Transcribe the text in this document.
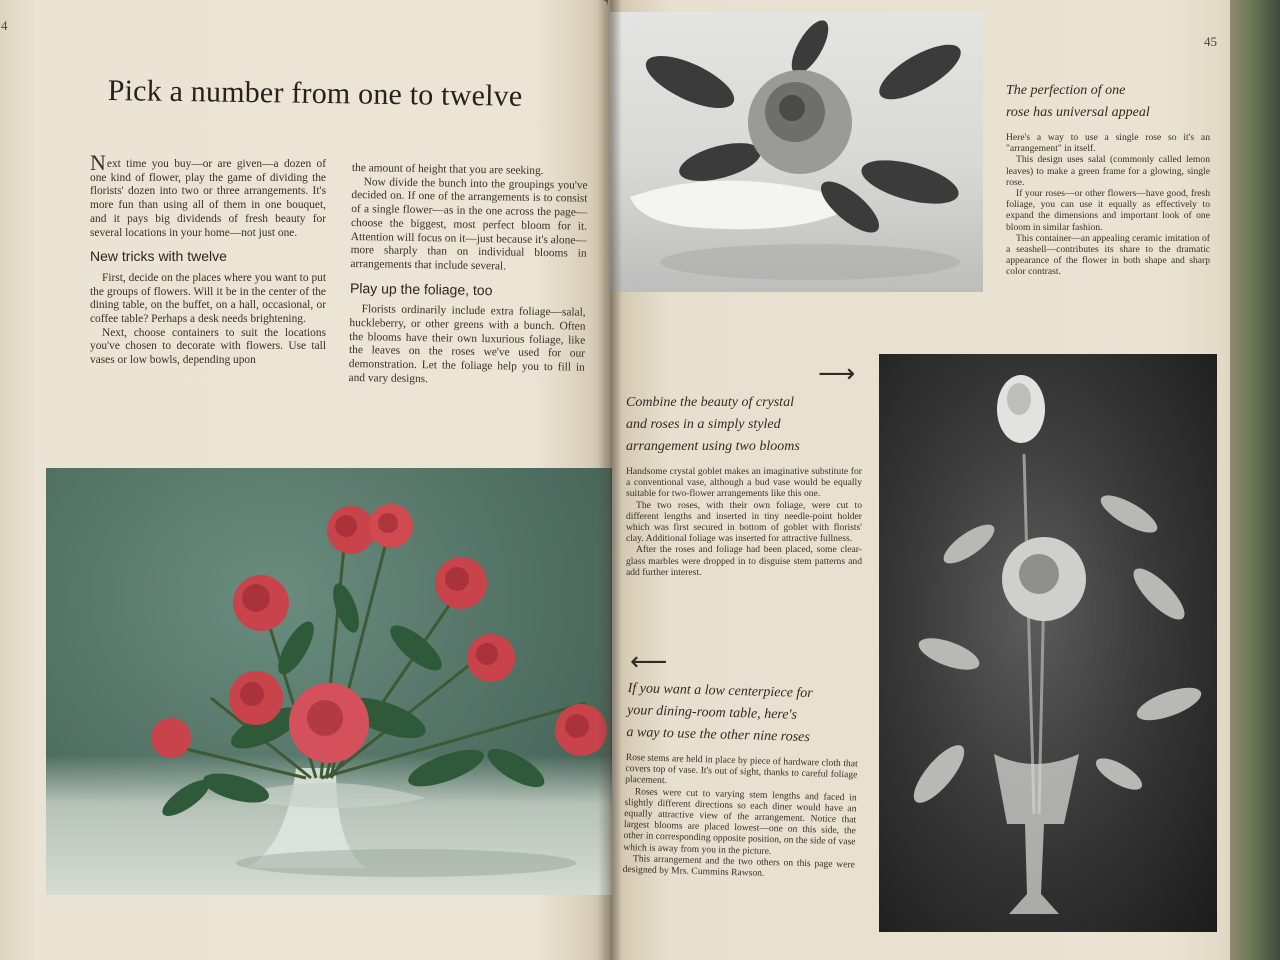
4
Pick a number from one to twelve

Next time you buy—or are given—a dozen of one kind of flower, play the game of dividing the florists' dozen into two or three arrangements. It's more fun than using all of them in one bouquet, and it pays big dividends of fresh beauty for several locations in your home—not just one.

New tricks with twelve

First, decide on the places where you want to put the groups of flowers. Will it be in the center of the dining table, on the buffet, on a hall, occasional, or coffee table? Perhaps a desk needs brightening.

Next, choose containers to suit the locations you've chosen to decorate with flowers. Use tall vases or low bowls, depending upon

the amount of height that you are seeking.

Now divide the bunch into the groupings you've decided on. If one of the arrangements is to consist of a single flower—as in the one across the page—choose the biggest, most perfect bloom for it. Attention will focus on it—just because it's alone—more sharply than on individual blooms in arrangements that include several.

Play up the foliage, too

Florists ordinarily include extra foliage—salal, huckleberry, or other greens with a bunch. Often the blooms have their own luxurious foliage, like the leaves on the roses we've used for our demonstration. Let the foliage help you to fill in and vary designs.

45
The perfection of one
rose has universal appeal

Here's a way to use a single rose so it's an "arrangement" in itself.

This design uses salal (commonly called lemon leaves) to make a green frame for a glowing, single rose.

If your roses—or other flowers—have good, fresh foliage, you can use it equally as effectively to expand the dimensions and important look of one bloom in similar fashion.

This container—an appealing ceramic imitation of a seashell—contributes its share to the dramatic appearance of the flower in both shape and sharp color contrast.

⟶
Combine the beauty of crystal
and roses in a simply styled
arrangement using two blooms

Handsome crystal goblet makes an imaginative substitute for a conventional vase, although a bud vase would be equally suitable for two-flower arrangements like this one.

The two roses, with their own foliage, were cut to different lengths and inserted in tiny needle-point holder which was first secured in bottom of goblet with florists' clay. Additional foliage was inserted for attractive fullness.

After the roses and foliage had been placed, some clear-glass marbles were dropped in to disguise stem patterns and add further interest.

⟵
If you want a low centerpiece for
your dining-room table, here's
a way to use the other nine roses

Rose stems are held in place by piece of hardware cloth that covers top of vase. It's out of sight, thanks to careful foliage placement.

Roses were cut to varying stem lengths and faced in slightly different directions so each diner would have an equally attractive view of the arrangement. Notice that largest blooms are placed lowest—one on this side, the other in corresponding opposite position, on the side of vase which is away from you in the picture.

This arrangement and the two others on this page were designed by Mrs. Cummins Rawson.
